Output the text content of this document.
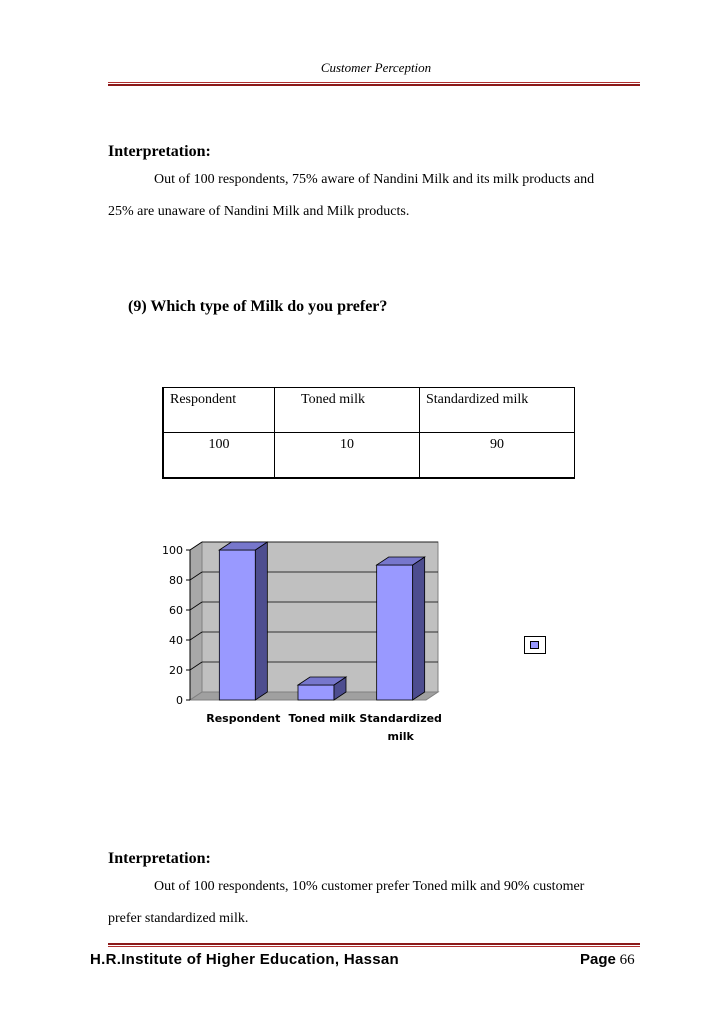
Customer Perception
Interpretation:
Out of 100 respondents, 75% aware of Nandini Milk and its milk products and
25% are unaware of Nandini Milk and Milk products.
(9) Which type of Milk do you prefer?
Respondent	Toned milk	Standardized milk
100	10	90
0
20
40
60
80
100
Respondent Toned milk Standardized milk
Interpretation:
Out of 100 respondents, 10% customer prefer Toned milk and 90% customer
prefer standardized milk.
H.R.Institute of Higher Education, Hassan	Page 66
